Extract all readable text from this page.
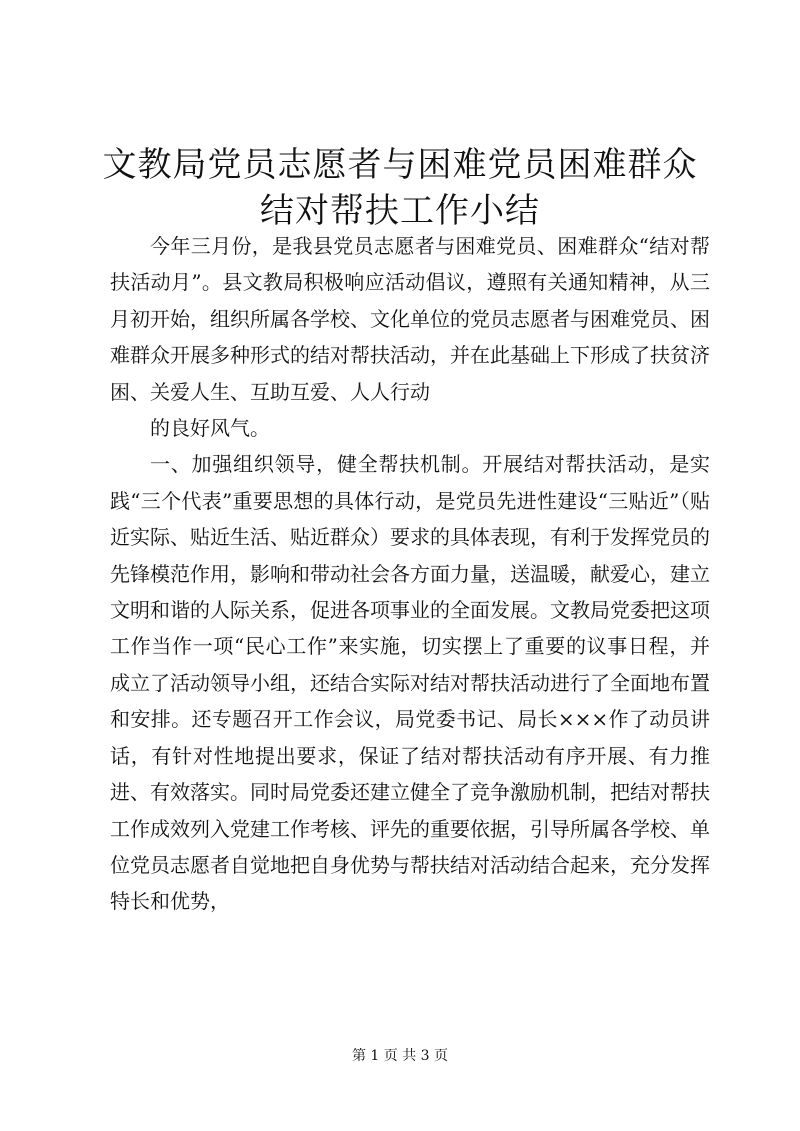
文教局党员志愿者与困难党员困难群众结对帮扶工作小结

今年三月份，是我县党员志愿者与困难党员、困难群众“结对帮扶活动月”。县文教局积极响应活动倡议，遵照有关通知精神，从三月初开始，组织所属各学校、文化单位的党员志愿者与困难党员、困难群众开展多种形式的结对帮扶活动，并在此基础上下形成了扶贫济困、关爱人生、互助互爱、人人行动

的良好风气。

一、加强组织领导，健全帮扶机制。开展结对帮扶活动，是实践“三个代表”重要思想的具体行动，是党员先进性建设“三贴近”（贴近实际、贴近生活、贴近群众）要求的具体表现，有利于发挥党员的先锋模范作用，影响和带动社会各方面力量，送温暖，献爱心，建立文明和谐的人际关系，促进各项事业的全面发展。文教局党委把这项工作当作一项“民心工作”来实施，切实摆上了重要的议事日程，并成立了活动领导小组，还结合实际对结对帮扶活动进行了全面地布置和安排。还专题召开工作会议，局党委书记、局长×××作了动员讲话，有针对性地提出要求，保证了结对帮扶活动有序开展、有力推进、有效落实。同时局党委还建立健全了竞争激励机制，把结对帮扶工作成效列入党建工作考核、评先的重要依据，引导所属各学校、单位党员志愿者自觉地把自身优势与帮扶结对活动结合起来，充分发挥特长和优势，

第 1 页 共 3 页
